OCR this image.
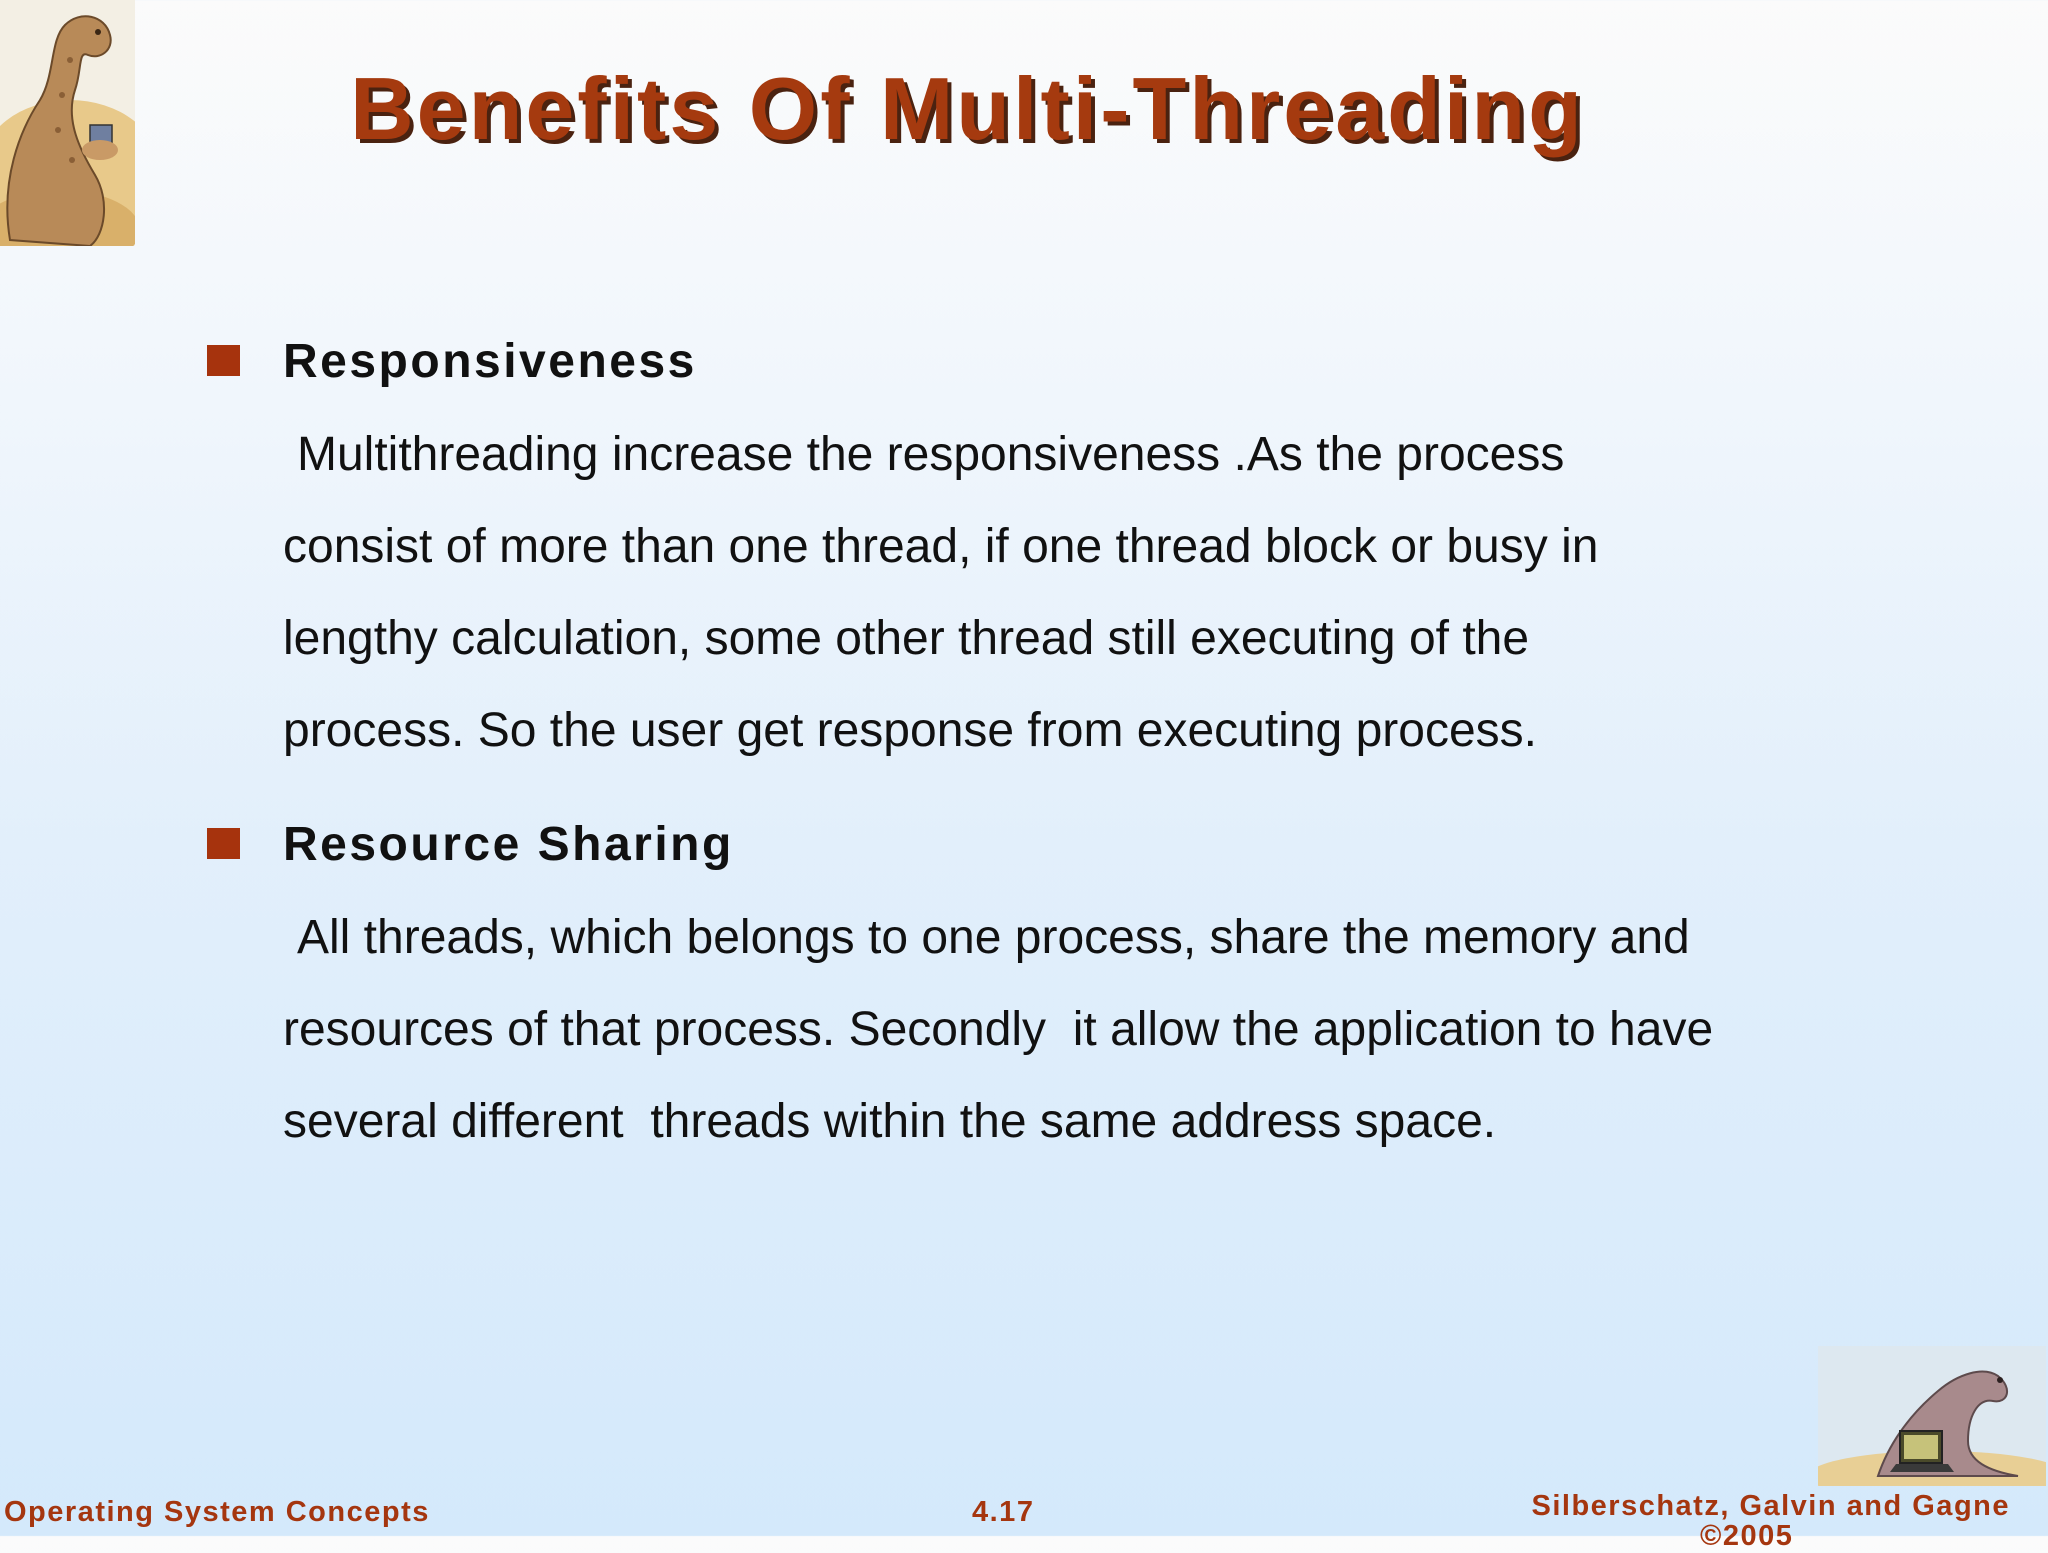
Benefits Of Multi-Threading
Responsiveness
Multithreading increase the responsiveness .As the process
consist of more than one thread, if one thread block or busy in
lengthy calculation, some other thread still executing of the
process. So the user get response from executing process.
Resource Sharing
All threads, which belongs to one process, share the memory and
resources of that process. Secondly  it allow the application to have
several different  threads within the same address space.
Operating System Concepts	4.17	Silberschatz, Galvin and Gagne
©2005
